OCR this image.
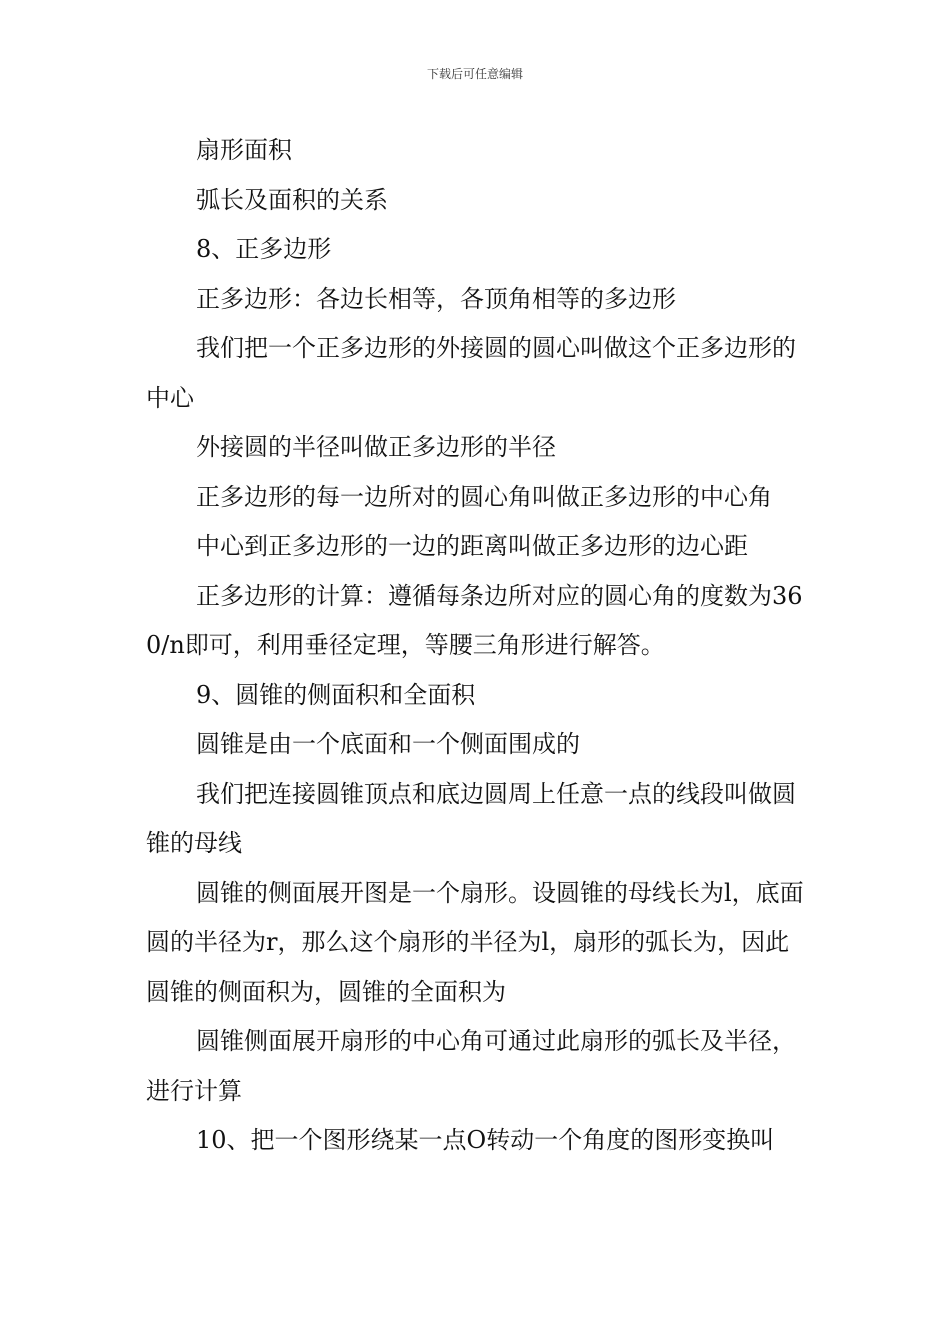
下载后可任意编辑

扇形面积

弧长及面积的关系

8、正多边形

正多边形：各边长相等，各顶角相等的多边形

我们把一个正多边形的外接圆的圆心叫做这个正多边形的中心

外接圆的半径叫做正多边形的半径

正多边形的每一边所对的圆心角叫做正多边形的中心角

中心到正多边形的一边的距离叫做正多边形的边心距

正多边形的计算：遵循每条边所对应的圆心角的度数为360/n即可，利用垂径定理，等腰三角形进行解答。

9、圆锥的侧面积和全面积

圆锥是由一个底面和一个侧面围成的

我们把连接圆锥顶点和底边圆周上任意一点的线段叫做圆锥的母线

圆锥的侧面展开图是一个扇形。设圆锥的母线长为l，底面圆的半径为r，那么这个扇形的半径为l，扇形的弧长为，因此圆锥的侧面积为，圆锥的全面积为

圆锥侧面展开扇形的中心角可通过此扇形的弧长及半径，进行计算

10、把一个图形绕某一点O转动一个角度的图形变换叫
